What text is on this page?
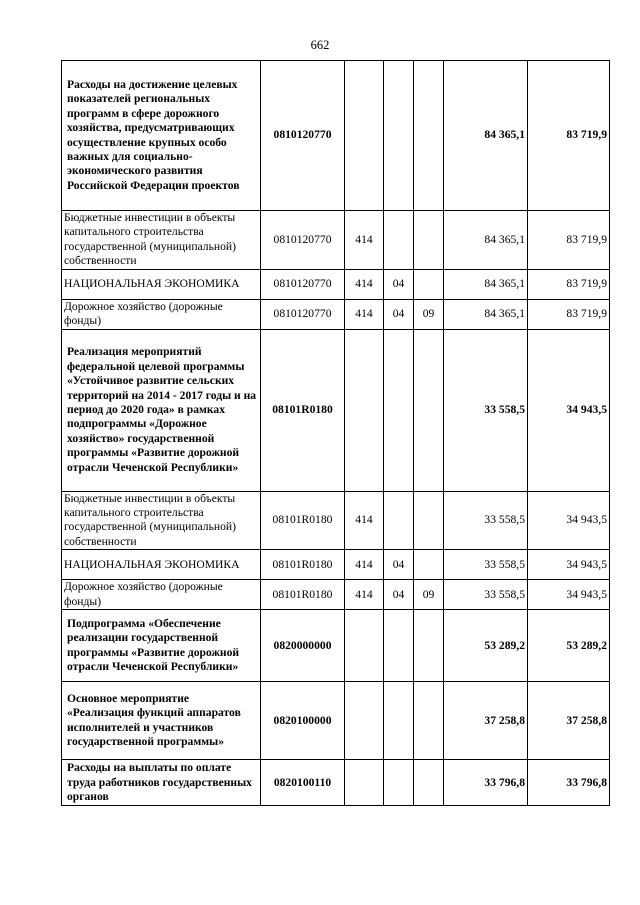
662
Расходы на достижение целевых показателей региональных программ в сфере дорожного хозяйства, предусматривающих осуществление крупных особо важных для социально-экономического развития Российской Федерации проектов	0810120770				84 365,1	83 719,9
Бюджетные инвестиции в объекты капитального строительства государственной (муниципальной) собственности	0810120770	414			84 365,1	83 719,9
НАЦИОНАЛЬНАЯ ЭКОНОМИКА	0810120770	414	04		84 365,1	83 719,9
Дорожное хозяйство (дорожные фонды)	0810120770	414	04	09	84 365,1	83 719,9
Реализация мероприятий федеральной целевой программы «Устойчивое развитие сельских территорий на 2014 - 2017 годы и на период до 2020 года» в рамках подпрограммы «Дорожное хозяйство» государственной программы «Развитие дорожной отрасли Чеченской Республики»	08101R0180				33 558,5	34 943,5
Бюджетные инвестиции в объекты капитального строительства государственной (муниципальной) собственности	08101R0180	414			33 558,5	34 943,5
НАЦИОНАЛЬНАЯ ЭКОНОМИКА	08101R0180	414	04		33 558,5	34 943,5
Дорожное хозяйство (дорожные фонды)	08101R0180	414	04	09	33 558,5	34 943,5
Подпрограмма «Обеспечение реализации государственной программы «Развитие дорожной отрасли Чеченской Республики»	0820000000				53 289,2	53 289,2
Основное мероприятие «Реализация функций аппаратов исполнителей и участников государственной программы»	0820100000				37 258,8	37 258,8
Расходы на выплаты по оплате труда работников государственных органов	0820100110				33 796,8	33 796,8
